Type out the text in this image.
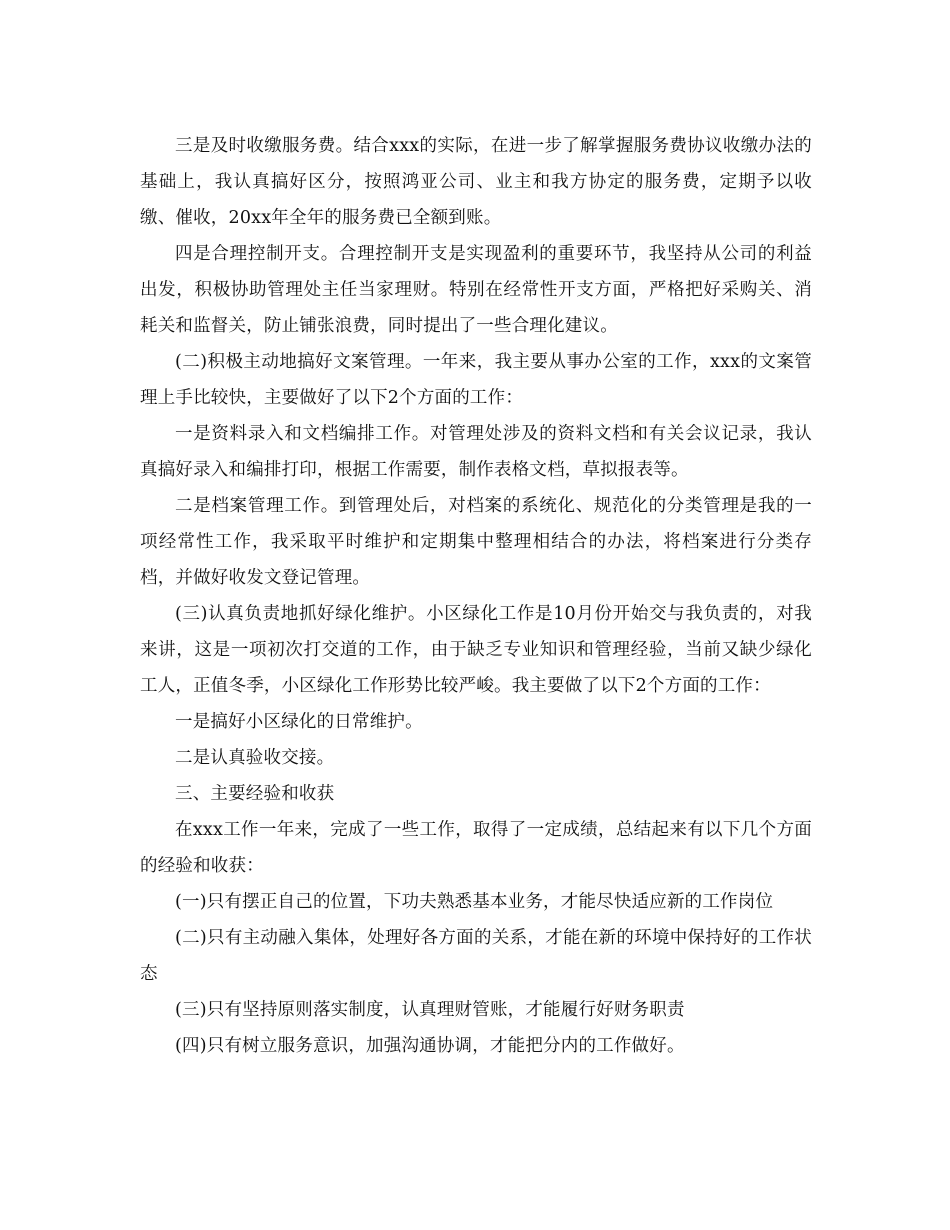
三是及时收缴服务费。结合xxx的实际，在进一步了解掌握服务费协议收缴办法的基础上，我认真搞好区分，按照鸿亚公司、业主和我方协定的服务费，定期予以收缴、催收，20xx年全年的服务费已全额到账。

四是合理控制开支。合理控制开支是实现盈利的重要环节，我坚持从公司的利益出发，积极协助管理处主任当家理财。特别在经常性开支方面，严格把好采购关、消耗关和监督关，防止铺张浪费，同时提出了一些合理化建议。

(二)积极主动地搞好文案管理。一年来，我主要从事办公室的工作，xxx的文案管理上手比较快，主要做好了以下2个方面的工作：

一是资料录入和文档编排工作。对管理处涉及的资料文档和有关会议记录，我认真搞好录入和编排打印，根据工作需要，制作表格文档，草拟报表等。

二是档案管理工作。到管理处后，对档案的系统化、规范化的分类管理是我的一项经常性工作，我采取平时维护和定期集中整理相结合的办法，将档案进行分类存档，并做好收发文登记管理。

(三)认真负责地抓好绿化维护。小区绿化工作是10月份开始交与我负责的，对我来讲，这是一项初次打交道的工作，由于缺乏专业知识和管理经验，当前又缺少绿化工人，正值冬季，小区绿化工作形势比较严峻。我主要做了以下2个方面的工作：

一是搞好小区绿化的日常维护。

二是认真验收交接。

三、主要经验和收获

在xxx工作一年来，完成了一些工作，取得了一定成绩，总结起来有以下几个方面的经验和收获：

(一)只有摆正自己的位置，下功夫熟悉基本业务，才能尽快适应新的工作岗位

(二)只有主动融入集体，处理好各方面的关系，才能在新的环境中保持好的工作状态

(三)只有坚持原则落实制度，认真理财管账，才能履行好财务职责

(四)只有树立服务意识，加强沟通协调，才能把分内的工作做好。
